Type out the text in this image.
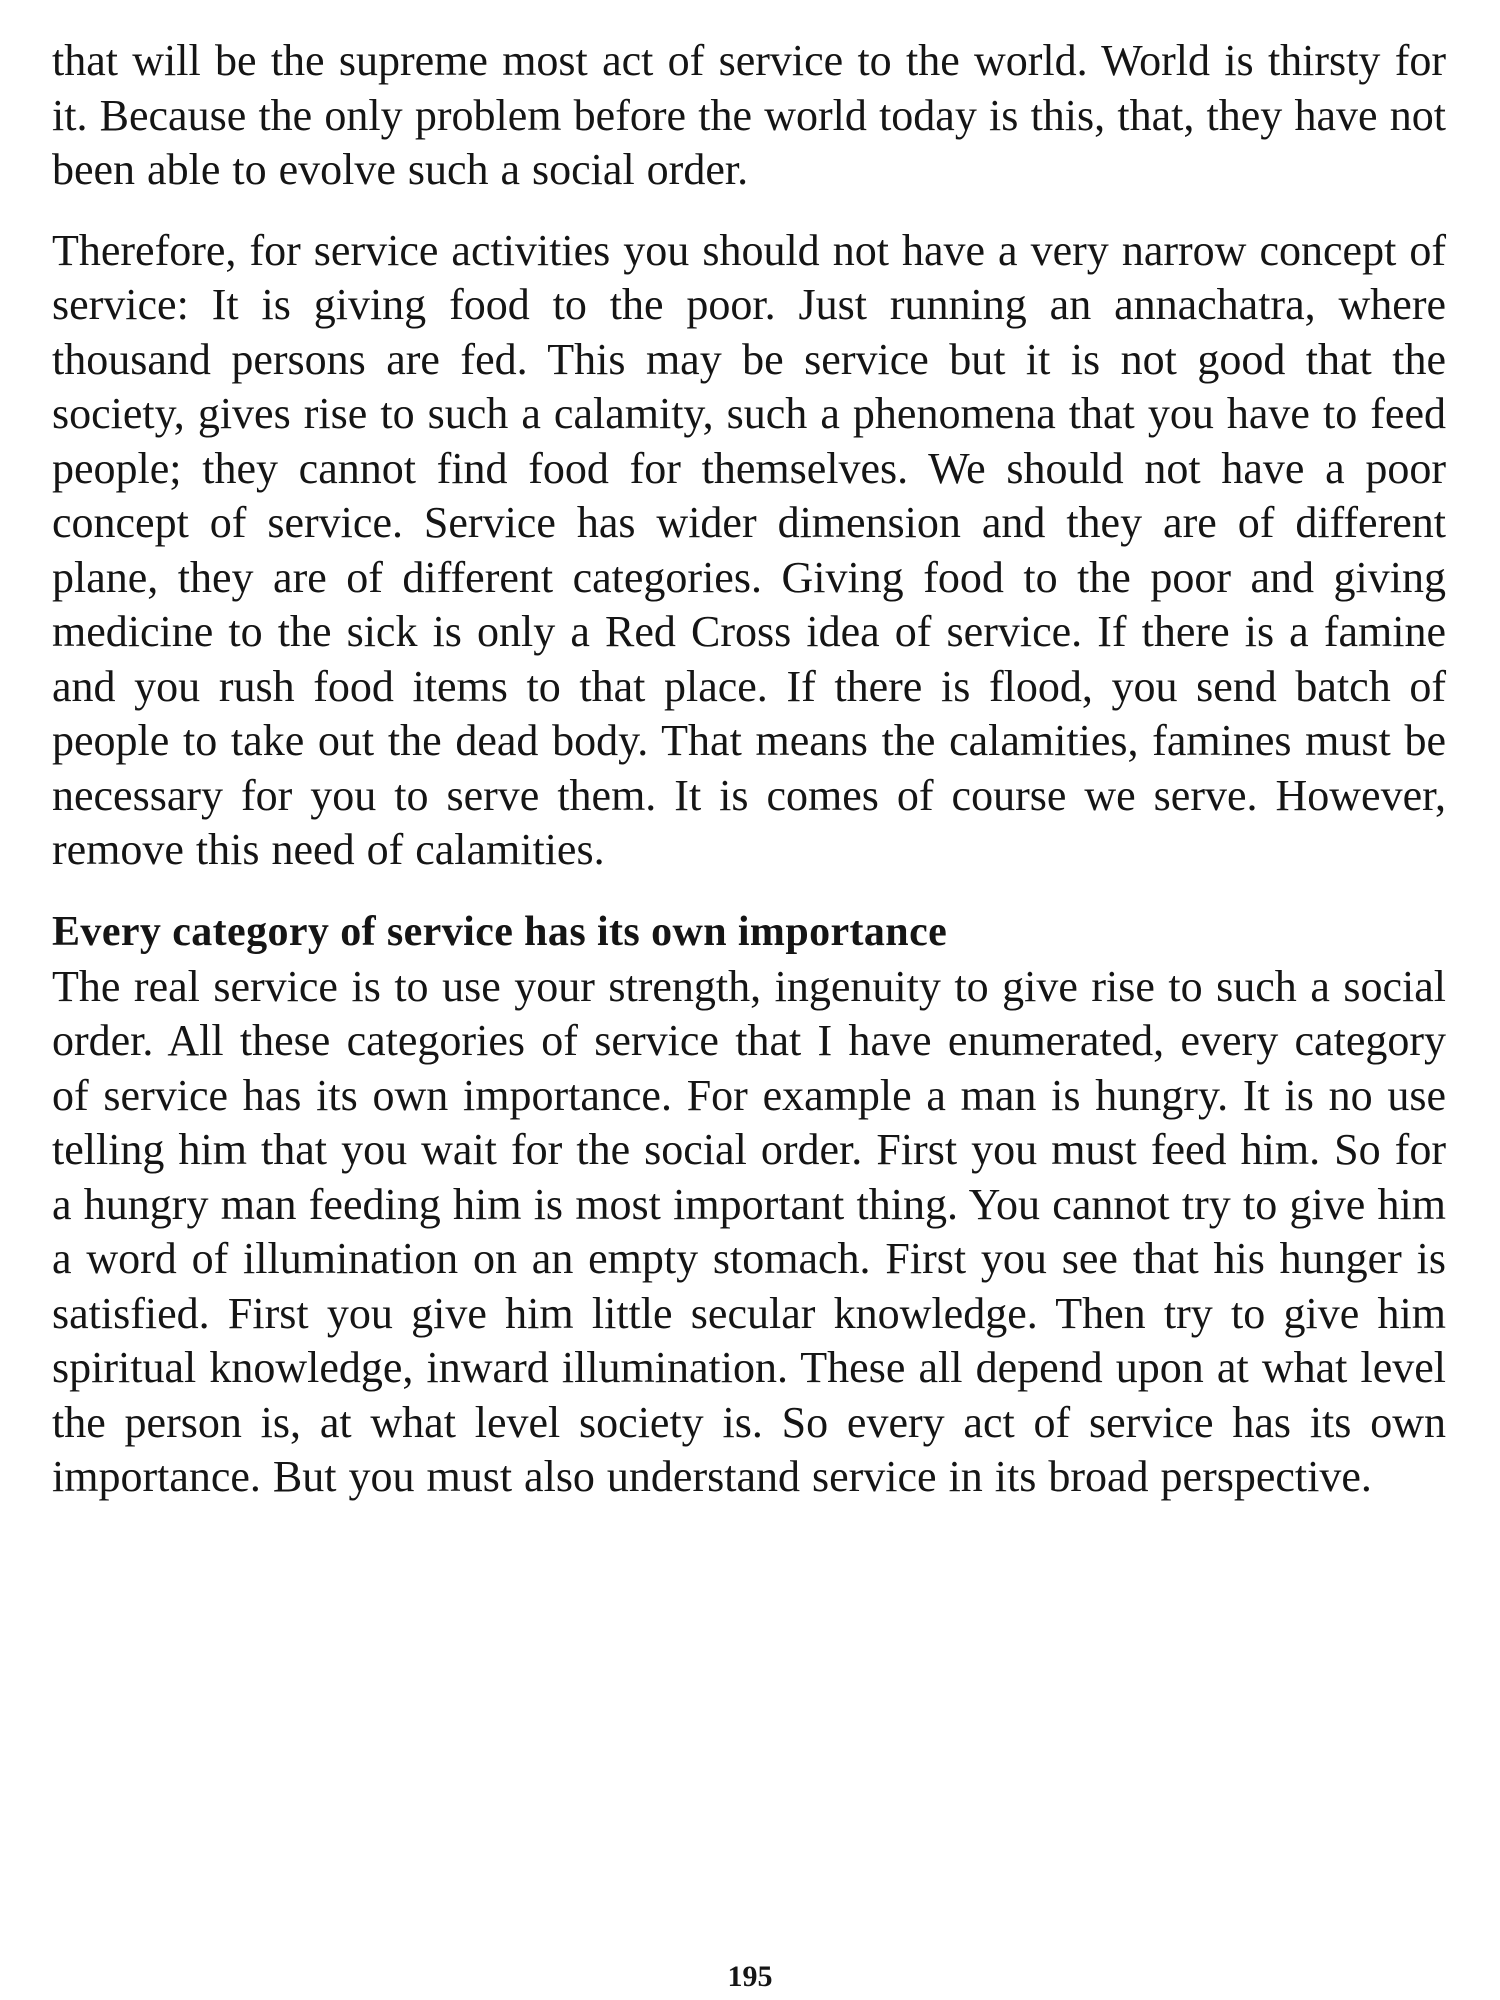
that will be the supreme most act of service to the world. World is thirsty for it. Because the only problem before the world today is this, that, they have not been able to evolve such a social order.

Therefore, for service activities you should not have a very narrow concept of service: It is giving food to the poor. Just running an annachatra, where thousand persons are fed. This may be service but it is not good that the society, gives rise to such a calamity, such a phenomena that you have to feed people; they cannot find food for themselves. We should not have a poor concept of service. Service has wider dimension and they are of different plane, they are of different categories. Giving food to the poor and giving medicine to the sick is only a Red Cross idea of service. If there is a famine and you rush food items to that place. If there is flood, you send batch of people to take out the dead body. That means the calamities, famines must be necessary for you to serve them. It is comes of course we serve. However, remove this need of calamities.

Every category of service has its own importance

The real service is to use your strength, ingenuity to give rise to such a social order. All these categories of service that I have enumerated, every category of service has its own importance. For example a man is hungry. It is no use telling him that you wait for the social order. First you must feed him. So for a hungry man feeding him is most important thing. You cannot try to give him a word of illumination on an empty stomach. First you see that his hunger is satisfied. First you give him little secular knowledge. Then try to give him spiritual knowledge, inward illumination. These all depend upon at what level the person is, at what level society is. So every act of service has its own importance. But you must also understand service in its broad perspective.

195
